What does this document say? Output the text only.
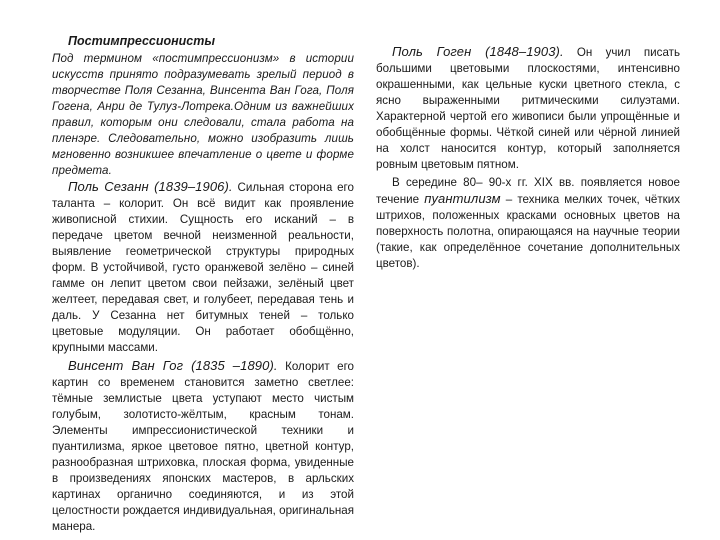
Постимпрессионисты

Под термином «постимпрессионизм» в истории искусств принято подразумевать зрелый период в творчестве Поля Сезанна, Винсента Ван Гога, Поля Гогена, Анри де Тулуз-Лотрека.Одним из важнейших правил, которым они следовали, стала работа на пленэре. Следовательно, можно изобразить лишь мгновенно возникшее впечатление о цвете и форме предмета.

Поль Сезанн (1839–1906). Сильная сторона его таланта – колорит. Он всё видит как проявление живописной стихии. Сущность его исканий – в передаче цветом вечной неизменной реальности, выявление геометрической структуры природных форм. В устойчивой, густо оранжевой зелёно – синей гамме он лепит цветом свои пейзажи, зелёный цвет желтеет, передавая свет, и голубеет, передавая тень и даль. У Сезанна нет битумных теней – только цветовые модуляции. Он работает обобщённо, крупными массами.

Винсент Ван Гог (1835 –1890). Колорит его картин со временем становится заметно светлее: тёмные землистые цвета уступают место чистым голубым, золотисто-жёлтым, красным тонам. Элементы импрессионистической техники и пуантилизма, яркое цветовое пятно, цветной контур, разнообразная штриховка, плоская форма, увиденные в произведениях японских мастеров, в арльских картинах органично соединяются, и из этой целостности рождается индивидуальная, оригинальная манера.

Поль Гоген (1848–1903). Он учил писать большими цветовыми плоскостями, интенсивно окрашенными, как цельные куски цветного стекла, с ясно выраженными ритмическими силуэтами. Характерной чертой его живописи были упрощённые и обобщённые формы. Чёткой синей или чёрной линией на холст наносится контур, который заполняется ровным цветовым пятном.

В середине 80– 90-х гг. XIX вв. появляется новое течение пуантилизм – техника мелких точек, чётких штрихов, положенных красками основных цветов на поверхность полотна, опирающаяся на научные теории (такие, как определённое сочетание дополнительных цветов).
